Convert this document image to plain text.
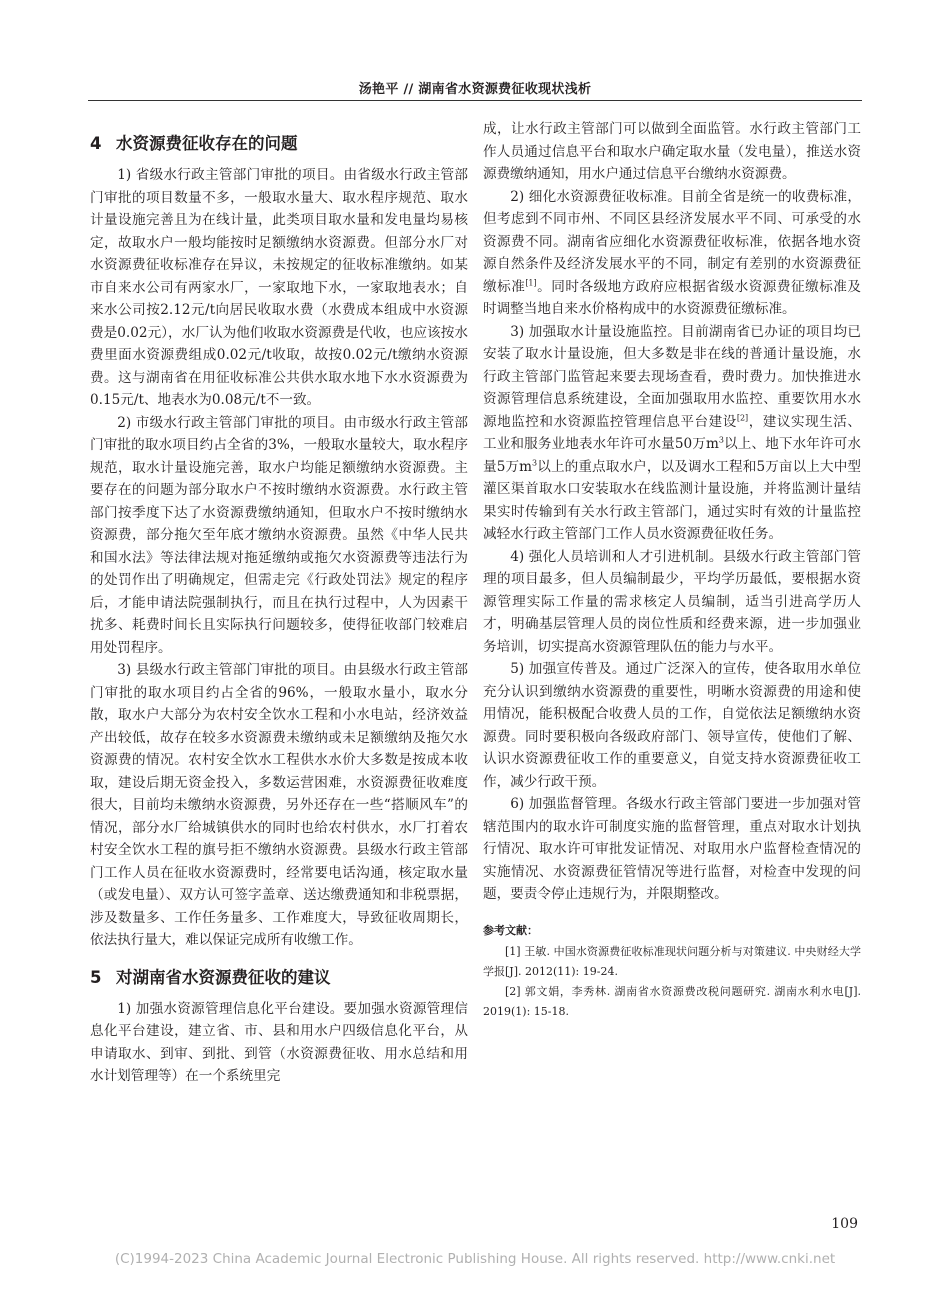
汤艳平 // 湖南省水资源费征收现状浅析
4 水资源费征收存在的问题

1) 省级水行政主管部门审批的项目。由省级水行政主管部门审批的项目数量不多，一般取水量大、取水程序规范、取水计量设施完善且为在线计量，此类项目取水量和发电量均易核定，故取水户一般均能按时足额缴纳水资源费。但部分水厂对水资源费征收标准存在异议，未按规定的征收标准缴纳。如某市自来水公司有两家水厂，一家取地下水，一家取地表水；自来水公司按2.12元/t向居民收取水费（水费成本组成中水资源费是0.02元），水厂认为他们收取水资源费是代收，也应该按水费里面水资源费组成0.02元/t收取，故按0.02元/t缴纳水资源费。这与湖南省在用征收标准公共供水取水地下水水资源费为0.15元/t、地表水为0.08元/t不一致。

2) 市级水行政主管部门审批的项目。由市级水行政主管部门审批的取水项目约占全省的3%，一般取水量较大，取水程序规范，取水计量设施完善，取水户均能足额缴纳水资源费。主要存在的问题为部分取水户不按时缴纳水资源费。水行政主管部门按季度下达了水资源费缴纳通知，但取水户不按时缴纳水资源费，部分拖欠至年底才缴纳水资源费。虽然《中华人民共和国水法》等法律法规对拖延缴纳或拖欠水资源费等违法行为的处罚作出了明确规定，但需走完《行政处罚法》规定的程序后，才能申请法院强制执行，而且在执行过程中，人为因素干扰多、耗费时间长且实际执行问题较多，使得征收部门较难启用处罚程序。

3) 县级水行政主管部门审批的项目。由县级水行政主管部门审批的取水项目约占全省的96%，一般取水量小，取水分散，取水户大部分为农村安全饮水工程和小水电站，经济效益产出较低，故存在较多水资源费未缴纳或未足额缴纳及拖欠水资源费的情况。农村安全饮水工程供水水价大多数是按成本收取，建设后期无资金投入，多数运营困难，水资源费征收难度很大，目前均未缴纳水资源费，另外还存在一些“搭顺风车”的情况，部分水厂给城镇供水的同时也给农村供水，水厂打着农村安全饮水工程的旗号拒不缴纳水资源费。县级水行政主管部门工作人员在征收水资源费时，经常要电话沟通，核定取水量（或发电量）、双方认可签字盖章、送达缴费通知和非税票据，涉及数量多、工作任务量多、工作难度大，导致征收周期长，依法执行量大，难以保证完成所有收缴工作。

5 对湖南省水资源费征收的建议

1) 加强水资源管理信息化平台建设。要加强水资源管理信息化平台建设，建立省、市、县和用水户四级信息化平台，从申请取水、到审、到批、到管（水资源费征收、用水总结和用水计划管理等）在一个系统里完

成，让水行政主管部门可以做到全面监管。水行政主管部门工作人员通过信息平台和取水户确定取水量（发电量），推送水资源费缴纳通知，用水户通过信息平台缴纳水资源费。

2) 细化水资源费征收标准。目前全省是统一的收费标准，但考虑到不同市州、不同区县经济发展水平不同、可承受的水资源费不同。湖南省应细化水资源费征收标准，依据各地水资源自然条件及经济发展水平的不同，制定有差别的水资源费征缴标准[1]。同时各级地方政府应根据省级水资源费征缴标准及时调整当地自来水价格构成中的水资源费征缴标准。

3) 加强取水计量设施监控。目前湖南省已办证的项目均已安装了取水计量设施，但大多数是非在线的普通计量设施，水行政主管部门监管起来要去现场查看，费时费力。加快推进水资源管理信息系统建设，全面加强取用水监控、重要饮用水水源地监控和水资源监控管理信息平台建设[2]，建议实现生活、工业和服务业地表水年许可水量50万$m^3$以上、地下水年许可水量5万$m^3$以上的重点取水户，以及调水工程和5万亩以上大中型灌区渠首取水口安装取水在线监测计量设施，并将监测计量结果实时传输到有关水行政主管部门，通过实时有效的计量监控减轻水行政主管部门工作人员水资源费征收任务。

4) 强化人员培训和人才引进机制。县级水行政主管部门管理的项目最多，但人员编制最少，平均学历最低，要根据水资源管理实际工作量的需求核定人员编制，适当引进高学历人才，明确基层管理人员的岗位性质和经费来源，进一步加强业务培训，切实提高水资源管理队伍的能力与水平。

5) 加强宣传普及。通过广泛深入的宣传，使各取用水单位充分认识到缴纳水资源费的重要性，明晰水资源费的用途和使用情况，能积极配合收费人员的工作，自觉依法足额缴纳水资源费。同时要积极向各级政府部门、领导宣传，使他们了解、认识水资源费征收工作的重要意义，自觉支持水资源费征收工作，减少行政干预。

6) 加强监督管理。各级水行政主管部门要进一步加强对管辖范围内的取水许可制度实施的监督管理，重点对取水计划执行情况、取水许可审批发证情况、对取用水户监督检查情况的实施情况、水资源费征管情况等进行监督，对检查中发现的问题，要责令停止违规行为，并限期整改。

参考文献：

[1] 王敏. 中国水资源费征收标准现状问题分析与对策建议. 中央财经大学学报[J]. 2012(11): 19-24.

[2] 郭文娟，李秀林. 湖南省水资源费改税问题研究. 湖南水利水电[J]. 2019(1): 15-18.

109
(C)1994-2023 China Academic Journal Electronic Publishing House. All rights reserved. http://www.cnki.net
